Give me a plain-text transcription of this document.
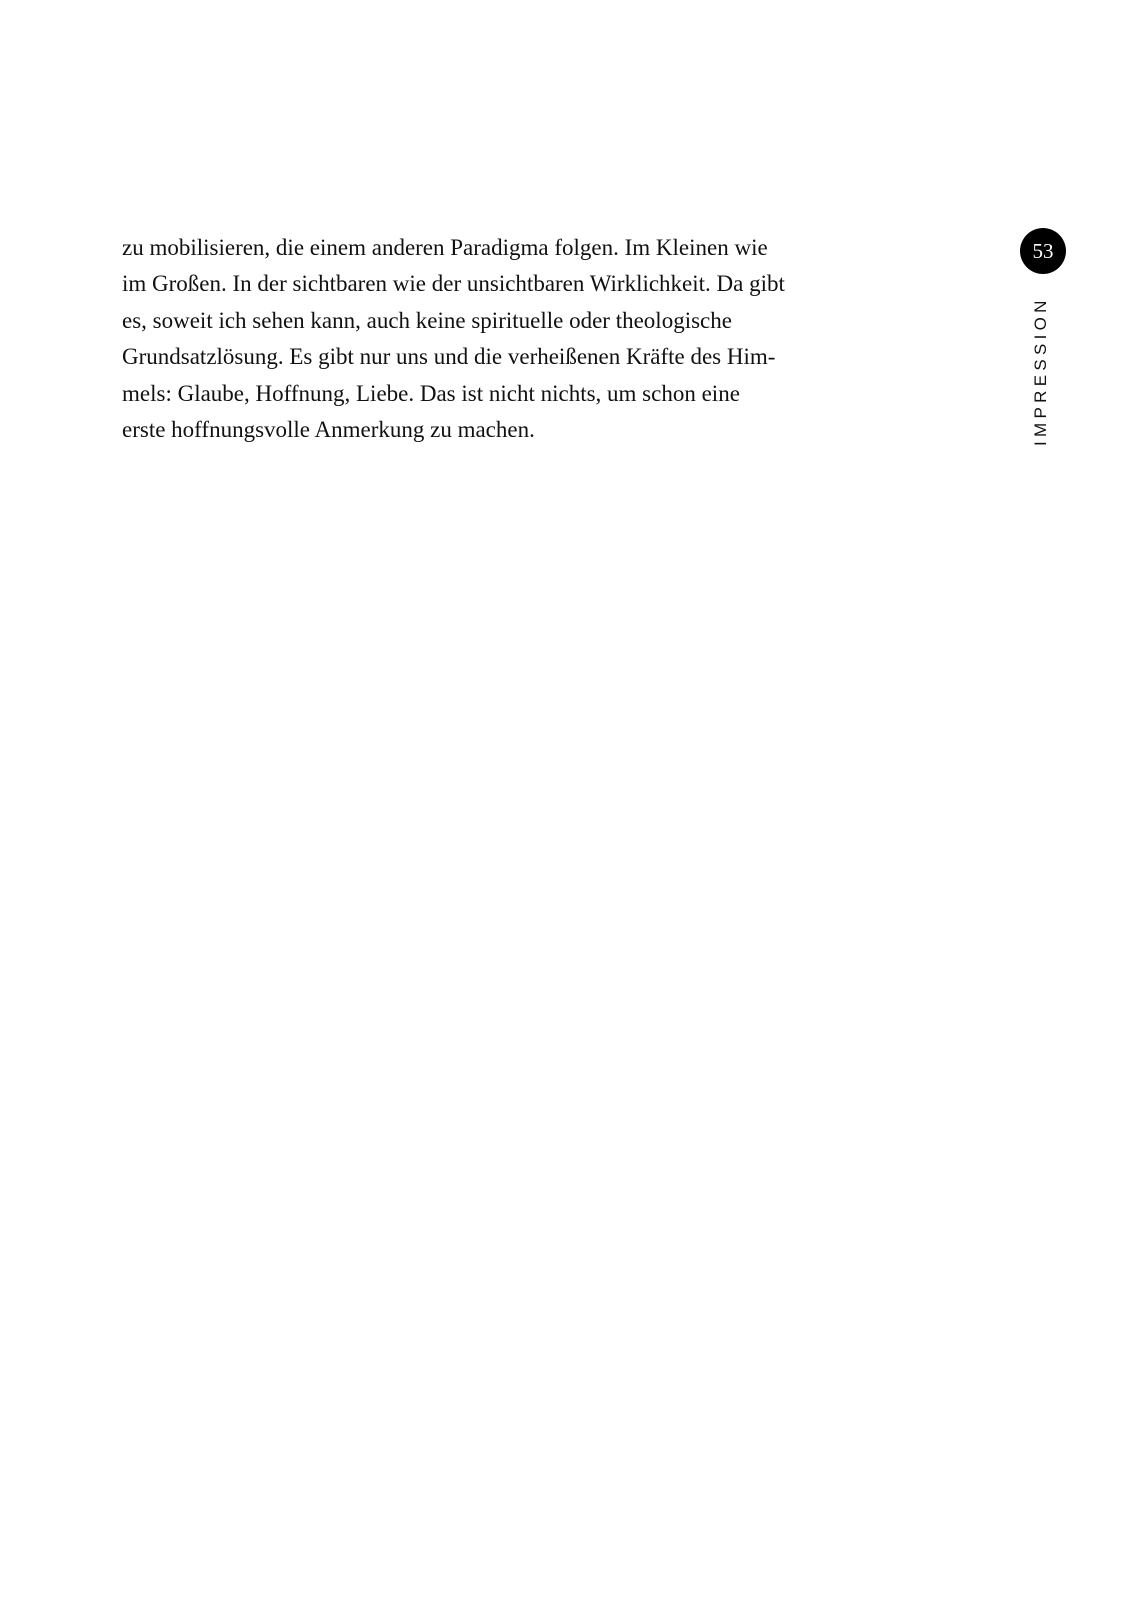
zu mobilisieren, die einem anderen Paradigma folgen. Im Kleinen wie
im Großen. In der sichtbaren wie der unsichtbaren Wirklichkeit. Da gibt
es, soweit ich sehen kann, auch keine spirituelle oder theologische
Grundsatzlösung. Es gibt nur uns und die verheißenen Kräfte des Him-
mels: Glaube, Hoffnung, Liebe. Das ist nicht nichts, um schon eine
erste hoffnungsvolle Anmerkung zu machen.

53
IMPRESSION
